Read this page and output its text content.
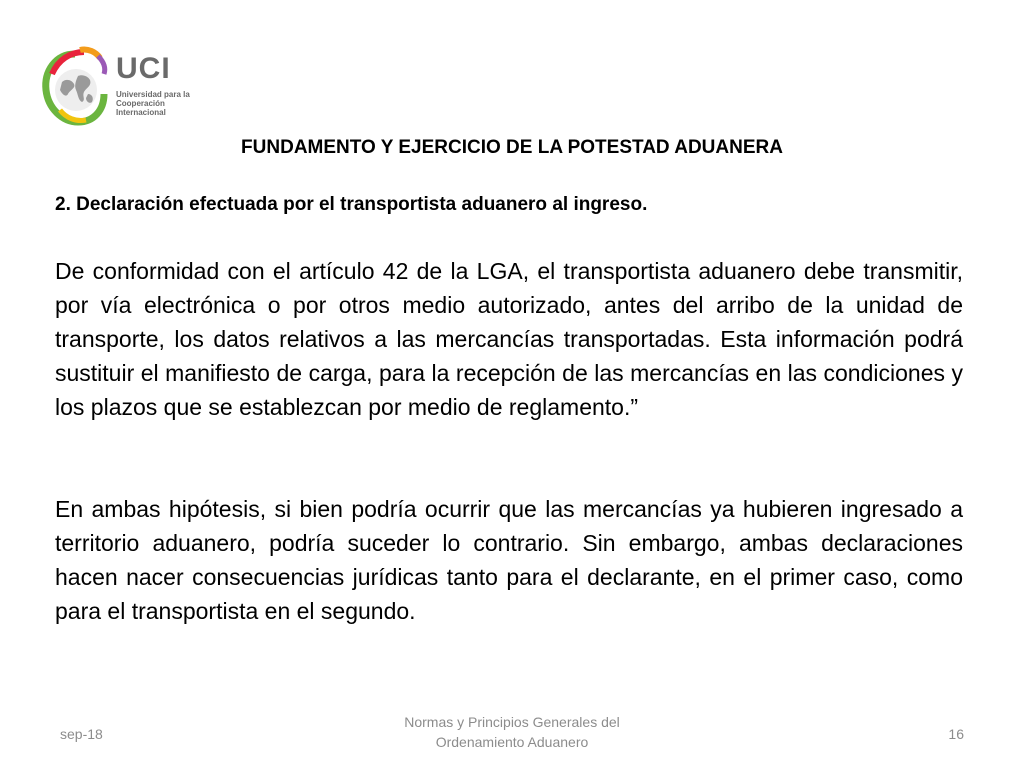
UCI
Universidad para la
Cooperación Internacional
FUNDAMENTO Y EJERCICIO DE LA POTESTAD ADUANERA
2. Declaración efectuada por el transportista aduanero al ingreso.

De conformidad con el artículo 42 de la LGA, el transportista aduanero debe transmitir, por vía electrónica o por otros medio autorizado, antes del arribo de la unidad de transporte, los datos relativos a las mercancías transportadas. Esta información podrá sustituir el manifiesto de carga, para la recepción de las mercancías en las condiciones y los plazos que se establezcan por medio de reglamento.”

En ambas hipótesis, si bien podría ocurrir que las mercancías ya hubieren ingresado a territorio aduanero, podría suceder lo contrario. Sin embargo, ambas declaraciones hacen nacer consecuencias jurídicas tanto para el declarante, en el primer caso, como para el transportista en el segundo.

sep-18
Normas y Principios Generales del
Ordenamiento Aduanero	16
